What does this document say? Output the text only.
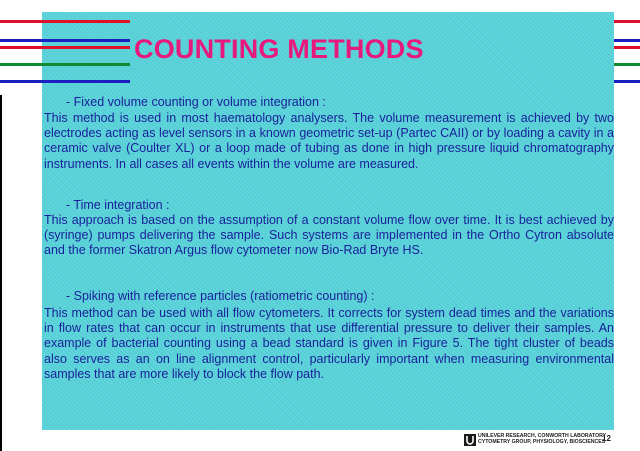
COUNTING METHODS

- Fixed volume counting or volume integration :

This method is used in most haematology analysers. The volume measurement is achieved by two electrodes acting as level sensors in a known geometric set-up (Partec CAII) or by loading a cavity in a ceramic valve (Coulter XL) or a loop made of tubing as done in high pressure liquid chromatography instruments. In all cases all events within the volume are measured.

- Time integration :

This approach is based on the assumption of a constant volume flow over time. It is best achieved by (syringe) pumps delivering the sample. Such systems are implemented in the Ortho Cytron absolute and the former Skatron Argus flow cytometer now Bio-Rad Bryte HS.

- Spiking with reference particles (ratiometric counting) :

This method can be used with all flow cytometers. It corrects for system dead times and the variations in flow rates that can occur in instruments that use differential pressure to deliver their samples. An example of bacterial counting using a bead standard is given in Figure 5. The tight cluster of beads also serves as an on line alignment control, particularly important when measuring environmental samples that are more likely to block the flow path.

UNILEVER RESEARCH, CONWORTH LABORATORY
CYTOMETRY GROUP, PHYSIOLOGY, BIOSCIENCES

12
